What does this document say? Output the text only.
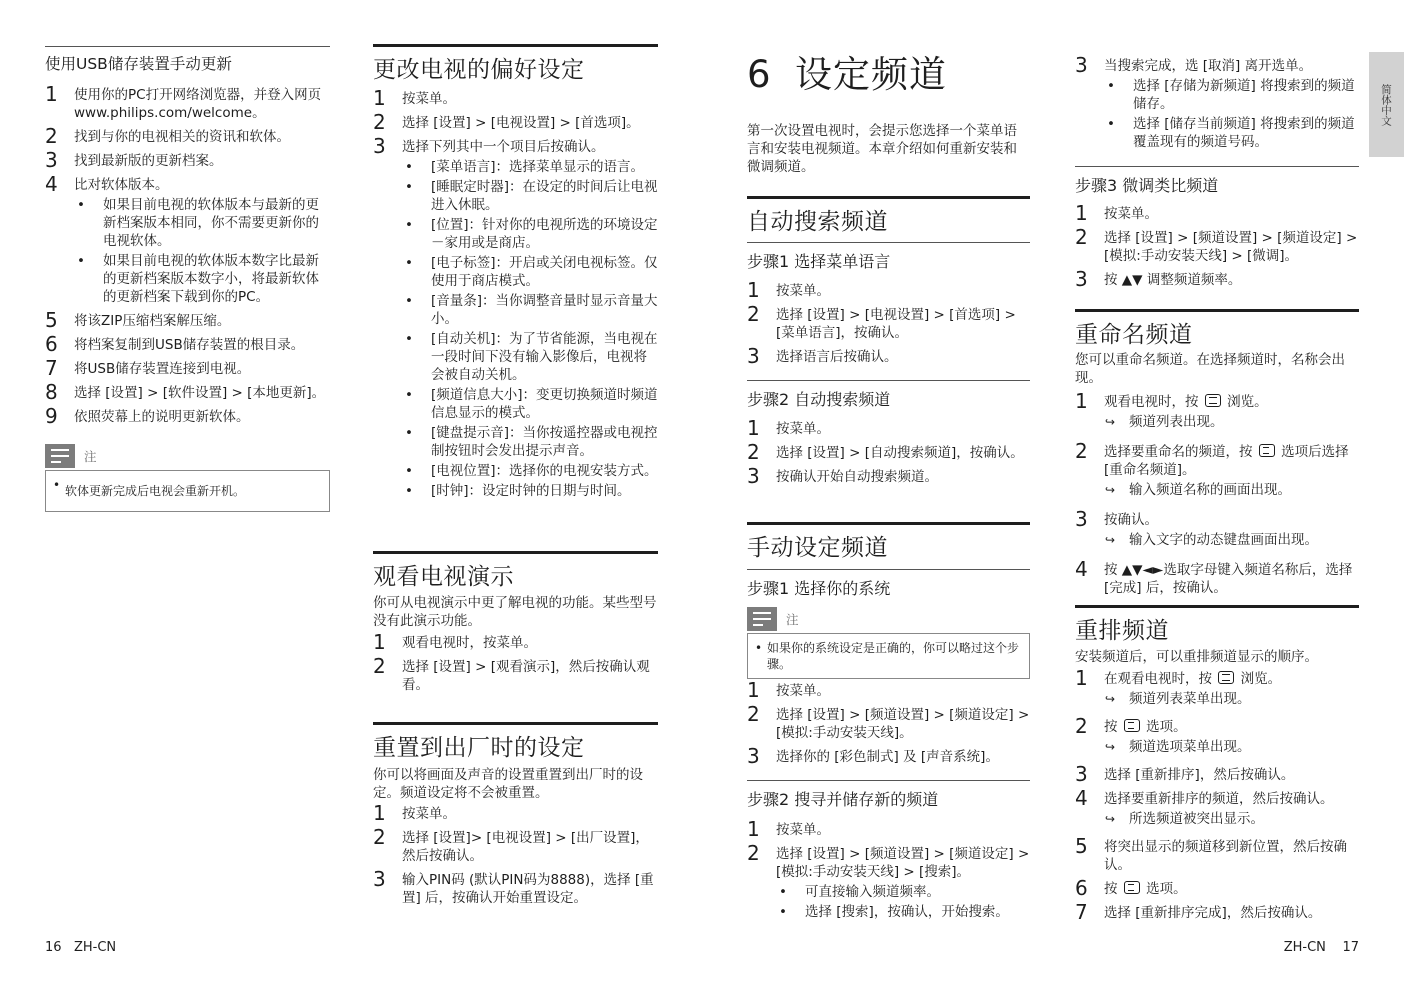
使用USB储存装置手动更新
1 使用你的PC打开网络浏览器，并登入网页www.philips.com/welcome。
2 找到与你的电视相关的资讯和软体。
3 找到最新版的更新档案。
4 比对软体版本。
• 如果目前电视的软体版本与最新的更新档案版本相同，你不需要更新你的电视软体。
• 如果目前电视的软体版本数字比最新的更新档案版本数字小，将最新软体的更新档案下载到你的PC。
5 将该ZIP压缩档案解压缩。
6 将档案复制到USB储存装置的根目录。
7 将USB储存装置连接到电视。
8 选择 [设置] > [软件设置] > [本地更新]。
9 依照荧幕上的说明更新软体。
注
• 软体更新完成后电视会重新开机。
更改电视的偏好设定
1 按菜单。
2 选择 [设置] > [电视设置] > [首选项]。
3 选择下列其中一个项目后按确认。
• [菜单语言]：选择菜单显示的语言。
• [睡眠定时器]：在设定的时间后让电视进入休眠。
• [位置]：针对你的电视所选的环境设定－家用或是商店。
• [电子标签]：开启或关闭电视标签。仅使用于商店模式。
• [音量条]：当你调整音量时显示音量大小。
• [自动关机]：为了节省能源，当电视在一段时间下没有输入影像后，电视将会被自动关机。
• [频道信息大小]：变更切换频道时频道信息显示的模式。
• [键盘提示音]：当你按遥控器或电视控制按钮时会发出提示声音。
• [电视位置]：选择你的电视安装方式。
• [时钟]：设定时钟的日期与时间。
观看电视演示
你可从电视演示中更了解电视的功能。某些型号没有此演示功能。
1 观看电视时，按菜单。
2 选择 [设置] > [观看演示]，然后按确认观看。
重置到出厂时的设定
你可以将画面及声音的设置重置到出厂时的设定。频道设定将不会被重置。
1 按菜单。
2 选择 [设置]> [电视设置] > [出厂设置]，然后按确认。
3 输入PIN码 (默认PIN码为8888)，选择 [重置] 后，按确认开始重置设定。
6 设定频道
第一次设置电视时，会提示您选择一个菜单语言和安装电视频道。本章介绍如何重新安装和微调频道。
自动搜索频道
步骤1 选择菜单语言
1 按菜单。
2 选择 [设置] > [电视设置] > [首选项] > [菜单语言]，按确认。
3 选择语言后按确认。
步骤2 自动搜索频道
1 按菜单。
2 选择 [设置] > [自动搜索频道]，按确认。
3 按确认开始自动搜索频道。
手动设定频道
步骤1 选择你的系统
注
• 如果你的系统设定是正确的，你可以略过这个步骤。
1 按菜单。
2 选择 [设置] > [频道设置] > [频道设定] > [模拟:手动安装天线]。
3 选择你的 [彩色制式] 及 [声音系统]。
步骤2 搜寻并储存新的频道
1 按菜单。
2 选择 [设置] > [频道设置] > [频道设定] > [模拟:手动安装天线] > [搜索]。
• 可直接输入频道频率。
• 选择 [搜索]，按确认，开始搜索。
3 当搜索完成，选 [取消] 离开选单。
• 选择 [存储为新频道] 将搜索到的频道储存。
• 选择 [储存当前频道] 将搜索到的频道覆盖现有的频道号码。
步骤3 微调类比频道
1 按菜单。
2 选择 [设置] > [频道设置] > [频道设定] > [模拟:手动安装天线] > [微调]。
3 按 ▲▼ 调整频道频率。
重命名频道
您可以重命名频道。在选择频道时，名称会出现。
1 观看电视时，按 浏览。
↪ 频道列表出现。
2 选择要重命名的频道，按 选项后选择 [重命名频道]。
↪ 输入频道名称的画面出现。
3 按确认。
↪ 输入文字的动态键盘画面出现。
4 按 ▲▼◄►选取字母键入频道名称后，选择 [完成] 后，按确认。
重排频道
安装频道后，可以重排频道显示的顺序。
1 在观看电视时，按 浏览。
↪ 频道列表菜单出现。
2 按 选项。
↪ 频道选项菜单出现。
3 选择 [重新排序]，然后按确认。
4 选择要重新排序的频道，然后按确认。
↪ 所选频道被突出显示。
5 将突出显示的频道移到新位置，然后按确认。
6 按 选项。
7 选择 [重新排序完成]，然后按确认。
简体中文
16 ZH-CN	ZH-CN 17
